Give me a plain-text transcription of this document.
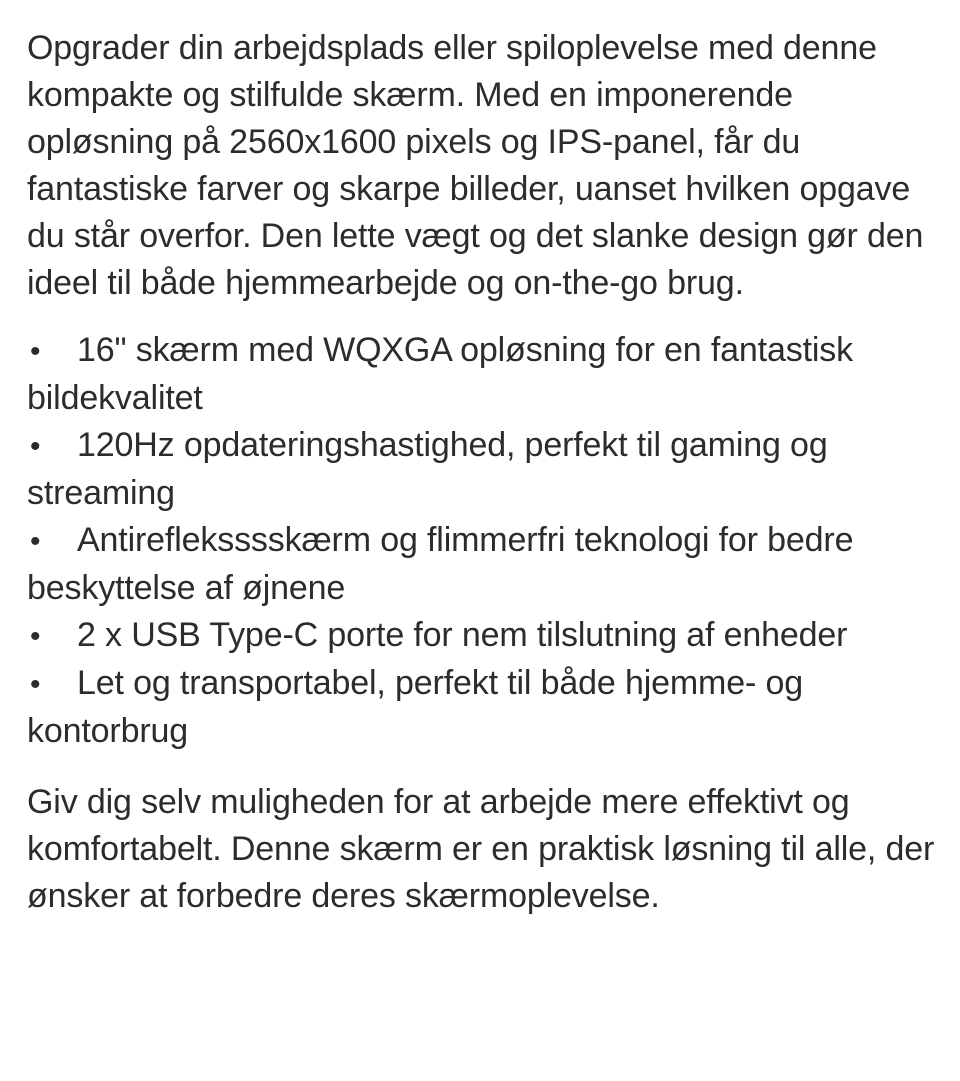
Opgrader din arbejdsplads eller spiloplevelse med denne kompakte og stilfulde skærm. Med en imponerende opløsning på 2560x1600 pixels og IPS-panel, får du fantastiske farver og skarpe billeder, uanset hvilken opgave du står overfor. Den lette vægt og det slanke design gør den ideel til både hjemmearbejde og on-the-go brug.

• 16" skærm med WQXGA opløsning for en fantastisk bildekvalitet
• 120Hz opdateringshastighed, perfekt til gaming og streaming
• Antirefleksssskærm og flimmerfri teknologi for bedre beskyttelse af øjnene
• 2 x USB Type-C porte for nem tilslutning af enheder
• Let og transportabel, perfekt til både hjemme- og kontorbrug

Giv dig selv muligheden for at arbejde mere effektivt og komfortabelt. Denne skærm er en praktisk løsning til alle, der ønsker at forbedre deres skærmoplevelse.
